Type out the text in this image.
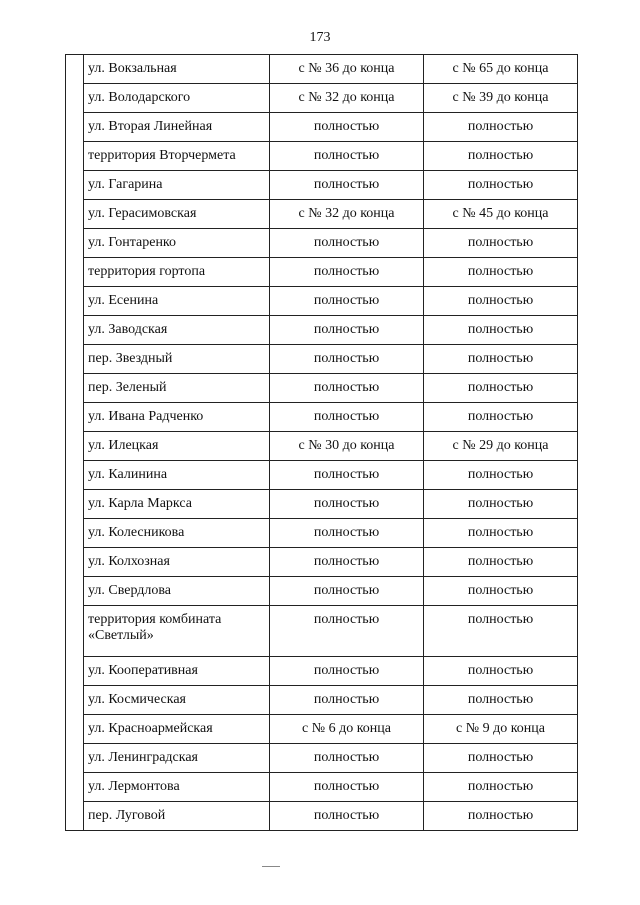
173
	ул. Вокзальная	с № 36 до конца	с № 65 до конца
	ул. Володарского	с № 32 до конца	с № 39 до конца
	ул. Вторая Линейная	полностью	полностью
	территория Вторчермета	полностью	полностью
	ул. Гагарина	полностью	полностью
	ул. Герасимовская	с № 32 до конца	с № 45 до конца
	ул. Гонтаренко	полностью	полностью
	территория гортопа	полностью	полностью
	ул. Есенина	полностью	полностью
	ул. Заводская	полностью	полностью
	пер. Звездный	полностью	полностью
	пер. Зеленый	полностью	полностью
	ул. Ивана Радченко	полностью	полностью
	ул. Илецкая	с № 30 до конца	с № 29 до конца
	ул. Калинина	полностью	полностью
	ул. Карла Маркса	полностью	полностью
	ул. Колесникова	полностью	полностью
	ул. Колхозная	полностью	полностью
	ул. Свердлова	полностью	полностью
	территория комбината «Светлый»	полностью	полностью
	ул. Кооперативная	полностью	полностью
	ул. Космическая	полностью	полностью
	ул. Красноармейская	с № 6 до конца	с № 9 до конца
	ул. Ленинградская	полностью	полностью
	ул. Лермонтова	полностью	полностью
	пер. Луговой	полностью	полностью
